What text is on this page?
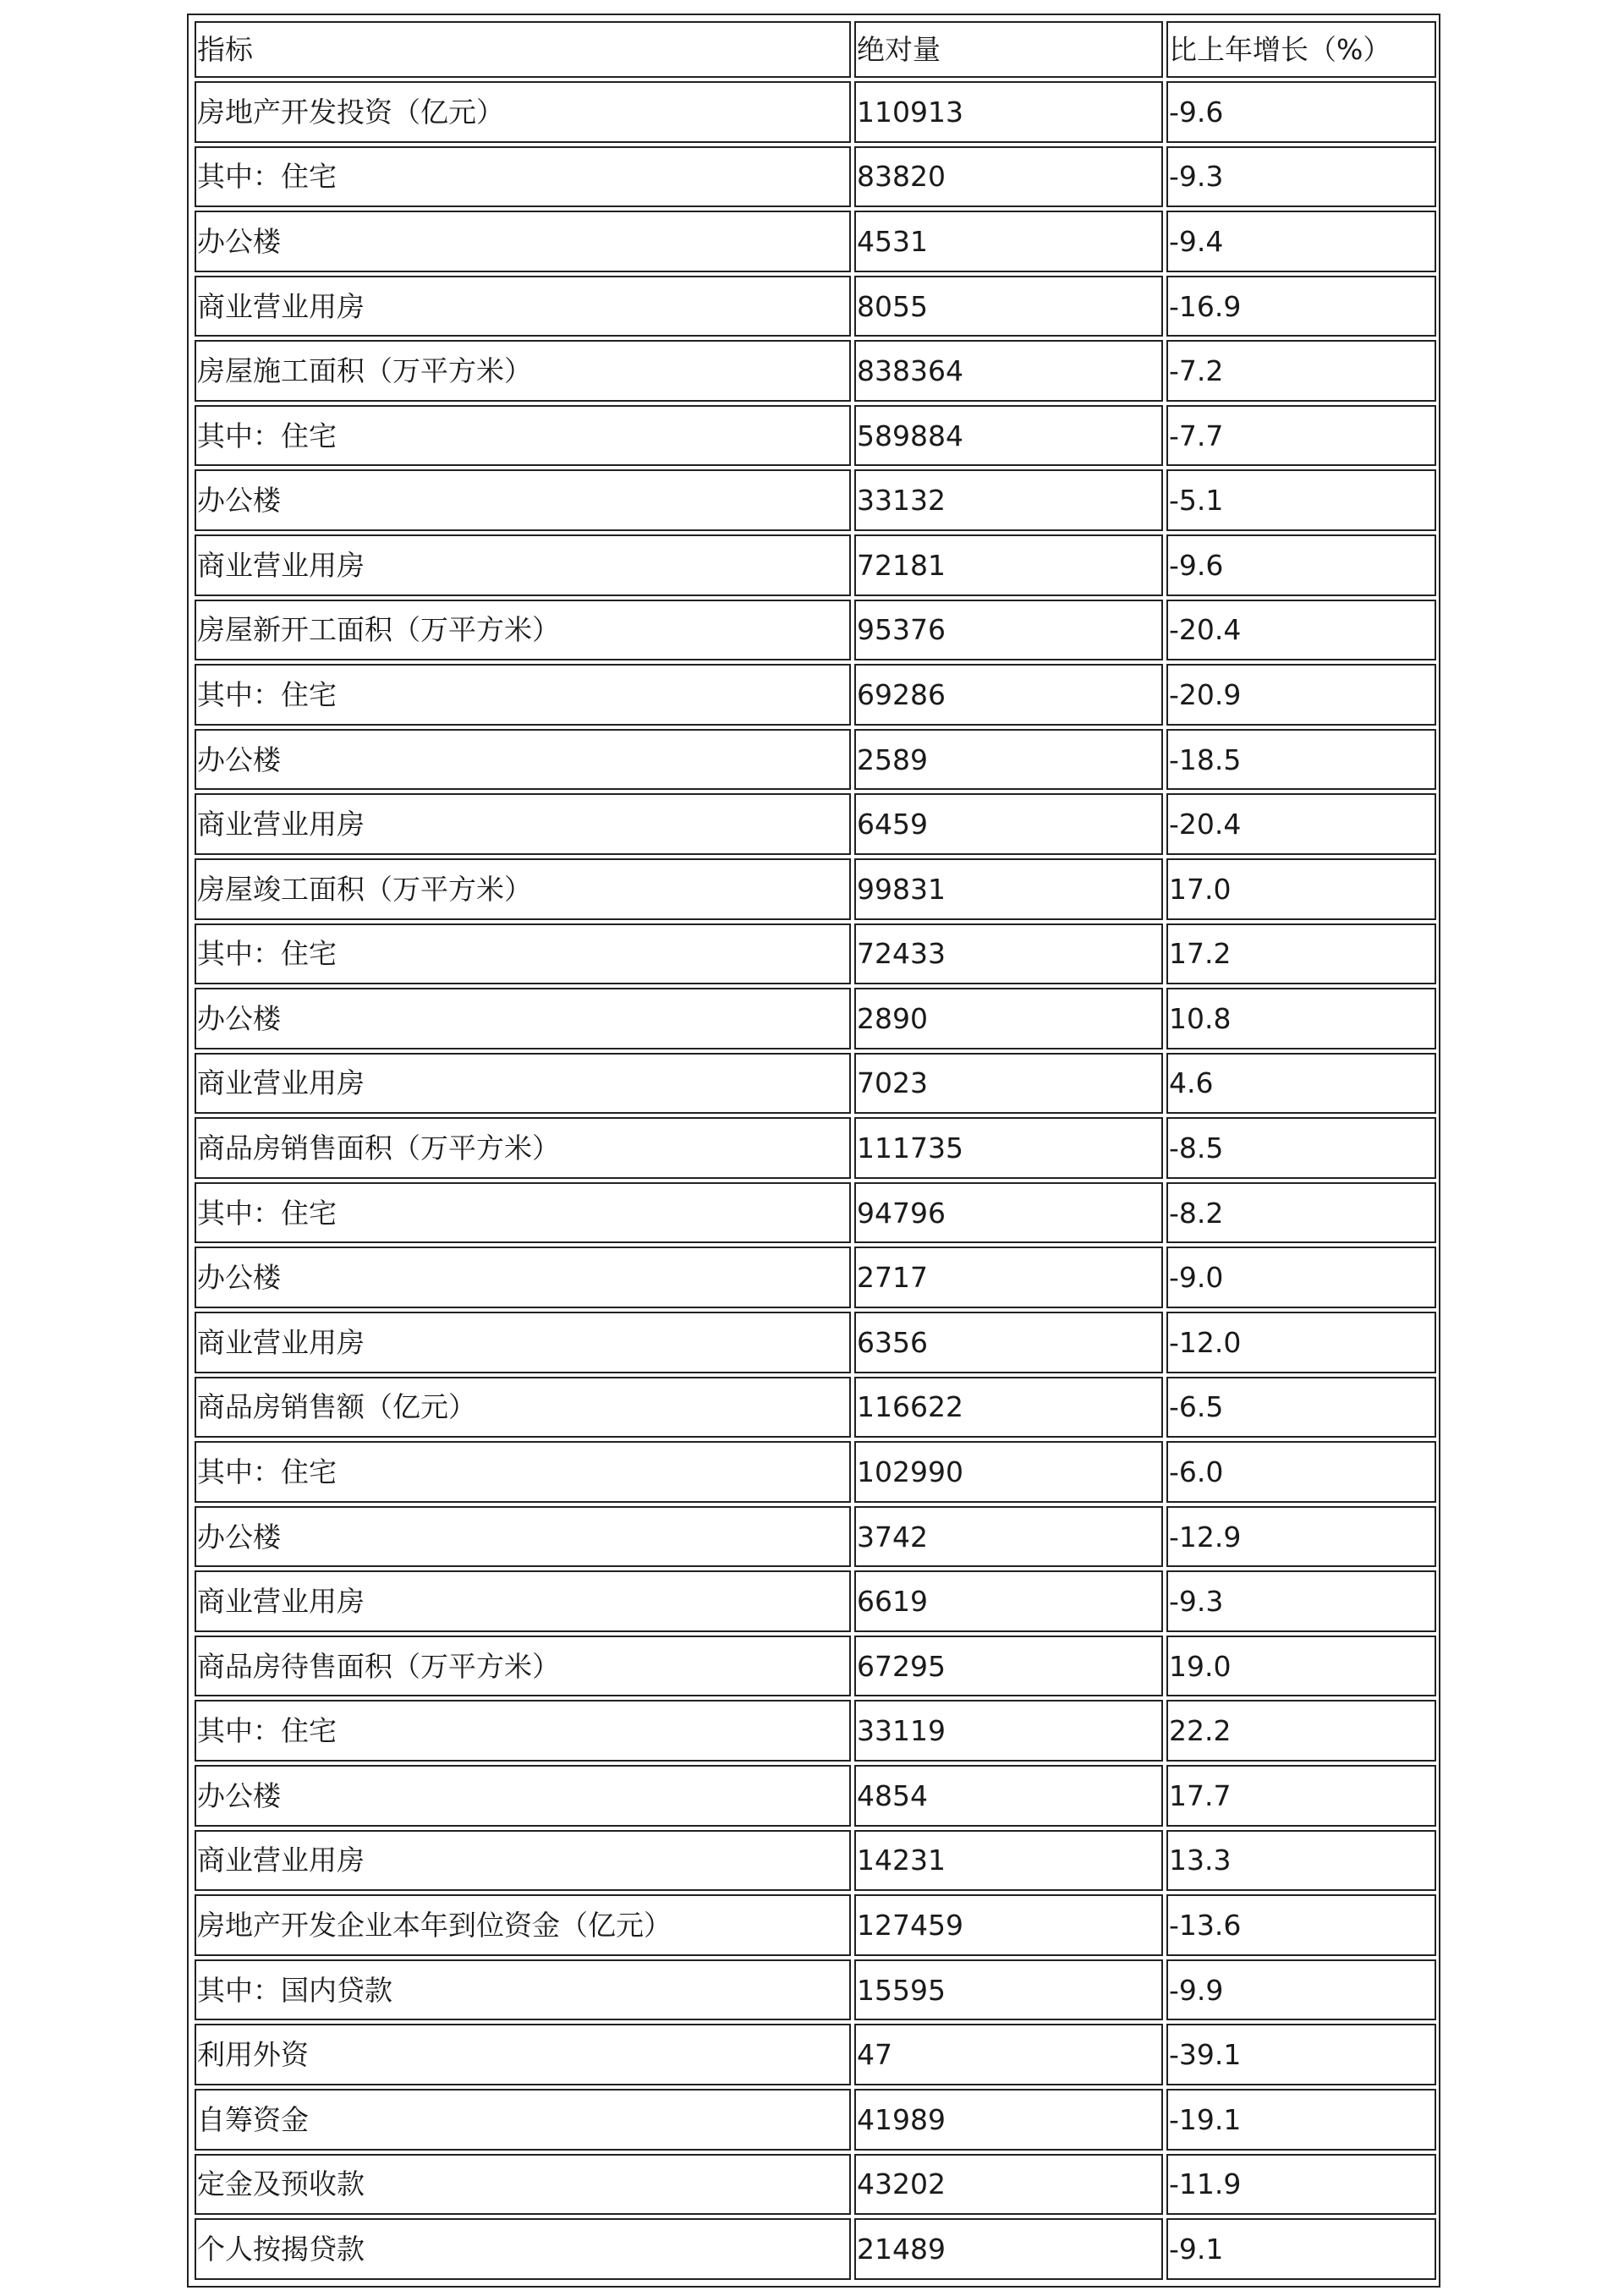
指标	绝对量	比上年增长（%）
房地产开发投资（亿元）	110913	-9.6
其中：住宅	83820	-9.3
办公楼	4531	-9.4
商业营业用房	8055	-16.9
房屋施工面积（万平方米）	838364	-7.2
其中：住宅	589884	-7.7
办公楼	33132	-5.1
商业营业用房	72181	-9.6
房屋新开工面积（万平方米）	95376	-20.4
其中：住宅	69286	-20.9
办公楼	2589	-18.5
商业营业用房	6459	-20.4
房屋竣工面积（万平方米）	99831	17.0
其中：住宅	72433	17.2
办公楼	2890	10.8
商业营业用房	7023	4.6
商品房销售面积（万平方米）	111735	-8.5
其中：住宅	94796	-8.2
办公楼	2717	-9.0
商业营业用房	6356	-12.0
商品房销售额（亿元）	116622	-6.5
其中：住宅	102990	-6.0
办公楼	3742	-12.9
商业营业用房	6619	-9.3
商品房待售面积（万平方米）	67295	19.0
其中：住宅	33119	22.2
办公楼	4854	17.7
商业营业用房	14231	13.3
房地产开发企业本年到位资金（亿元）	127459	-13.6
其中：国内贷款	15595	-9.9
利用外资	47	-39.1
自筹资金	41989	-19.1
定金及预收款	43202	-11.9
个人按揭贷款	21489	-9.1
